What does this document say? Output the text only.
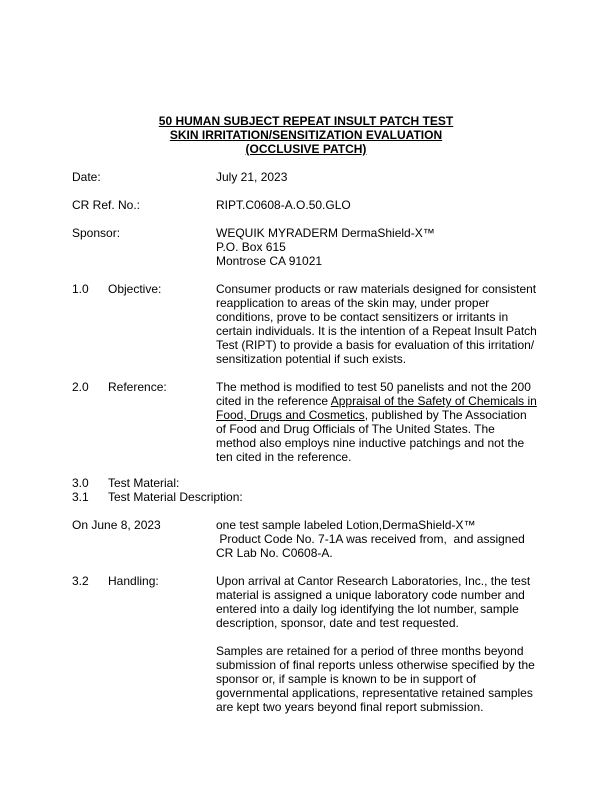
50 HUMAN SUBJECT REPEAT INSULT PATCH TEST
SKIN IRRITATION/SENSITIZATION EVALUATION
(OCCLUSIVE PATCH)
Date:	July 21, 2023
CR Ref. No.:	RIPT.C0608-A.O.50.GLO
Sponsor:	WEQUIK MYRADERM DermaShield-X™
P.O. Box 615
Montrose CA 91021
1.0 Objective:	Consumer products or raw materials designed for consistent
reapplication to areas of the skin may, under proper
conditions, prove to be contact sensitizers or irritants in
certain individuals. It is the intention of a Repeat Insult Patch
Test (RIPT) to provide a basis for evaluation of this irritation/
sensitization potential if such exists.
2.0 Reference:	The method is modified to test 50 panelists and not the 200
cited in the reference Appraisal of the Safety of Chemicals in
Food, Drugs and Cosmetics, published by The Association
of Food and Drug Officials of The United States. The
method also employs nine inductive patchings and not the
ten cited in the reference.
3.0 Test Material:
3.1 Test Material Description:
On June 8, 2023	one test sample labeled Lotion,DermaShield-X™
Product Code No. 7-1A was received from,  and assigned
CR Lab No. C0608-A.
3.2 Handling:	Upon arrival at Cantor Research Laboratories, Inc., the test
material is assigned a unique laboratory code number and
entered into a daily log identifying the lot number, sample
description, sponsor, date and test requested.
Samples are retained for a period of three months beyond
submission of final reports unless otherwise specified by the
sponsor or, if sample is known to be in support of
governmental applications, representative retained samples
are kept two years beyond final report submission.
